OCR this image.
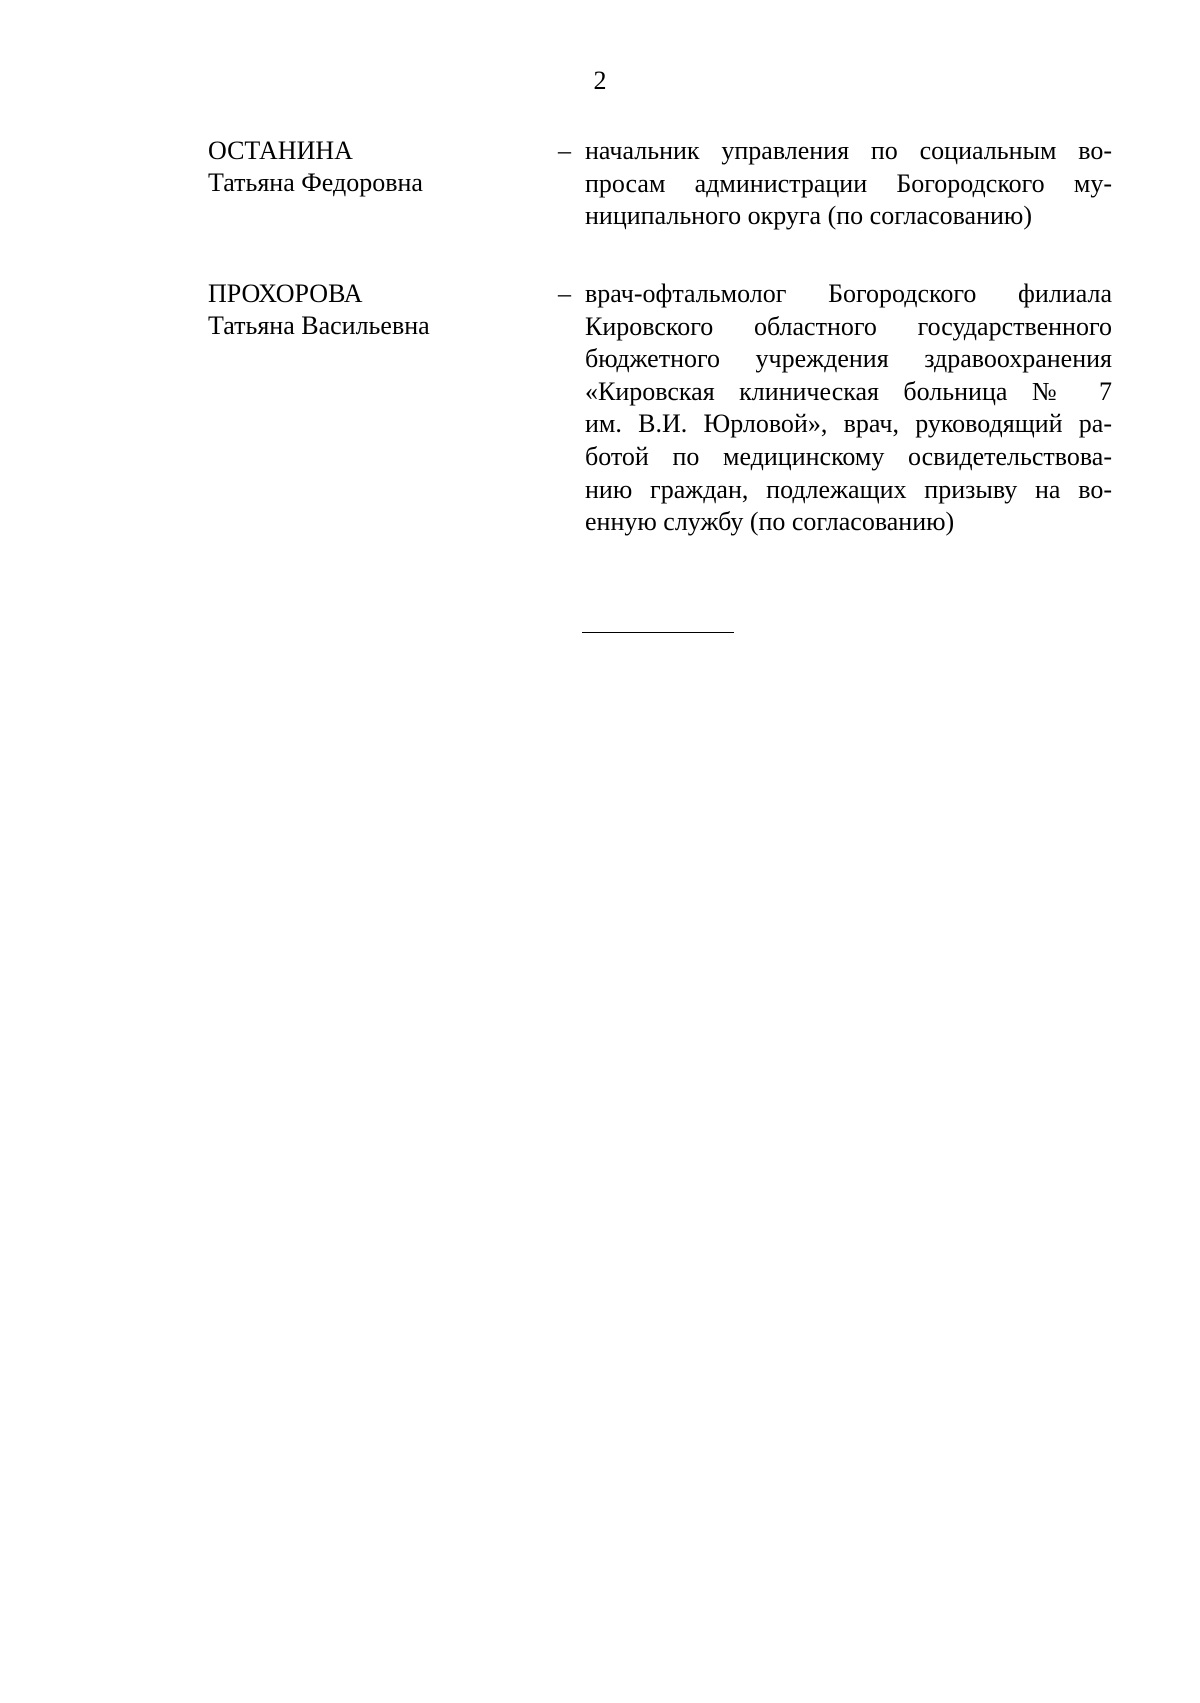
2
ОСТАНИНА
Татьяна Федоровна
– начальник управления по социальным во-
просам администрации Богородского му-
ниципального округа (по согласованию)
ПРОХОРОВА
Татьяна Васильевна
– врач-офтальмолог Богородского филиала
Кировского областного государственного
бюджетного учреждения здравоохранения
«Кировская клиническая больница № 7
им. В.И. Юрловой», врач, руководящий ра-
ботой по медицинскому освидетельствова-
нию граждан, подлежащих призыву на во-
енную службу (по согласованию)
